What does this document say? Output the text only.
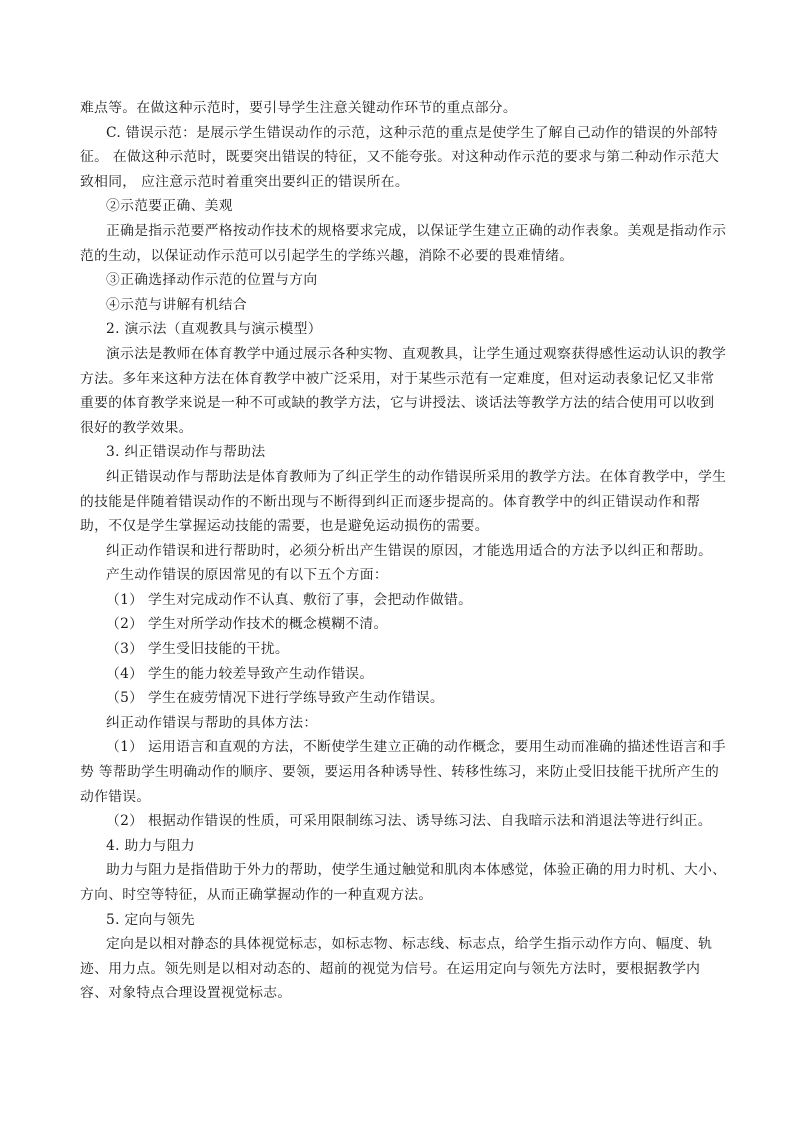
难点等。在做这种示范时，要引导学生注意关键动作环节的重点部分。

C. 错误示范：是展示学生错误动作的示范，这种示范的重点是使学生了解自己动作的错误的外部特征。 在做这种示范时，既要突出错误的特征，又不能夸张。对这种动作示范的要求与第二种动作示范大致相同， 应注意示范时着重突出要纠正的错误所在。

②示范要正确、美观

正确是指示范要严格按动作技术的规格要求完成，以保证学生建立正确的动作表象。美观是指动作示范的生动，以保证动作示范可以引起学生的学练兴趣，消除不必要的畏难情绪。

③正确选择动作示范的位置与方向

④示范与讲解有机结合

2. 演示法（直观教具与演示模型）

演示法是教师在体育教学中通过展示各种实物、直观教具，让学生通过观察获得感性运动认识的教学方法。多年来这种方法在体育教学中被广泛采用，对于某些示范有一定难度，但对运动表象记忆又非常重要的体育教学来说是一种不可或缺的教学方法，它与讲授法、谈话法等教学方法的结合使用可以收到很好的教学效果。

3. 纠正错误动作与帮助法

纠正错误动作与帮助法是体育教师为了纠正学生的动作错误所采用的教学方法。在体育教学中，学生的技能是伴随着错误动作的不断出现与不断得到纠正而逐步提高的。体育教学中的纠正错误动作和帮助，不仅是学生掌握运动技能的需要，也是避免运动损伤的需要。

纠正动作错误和进行帮助时，必须分析出产生错误的原因，才能选用适合的方法予以纠正和帮助。

产生动作错误的原因常见的有以下五个方面：

（1） 学生对完成动作不认真、敷衍了事，会把动作做错。

（2） 学生对所学动作技术的概念模糊不清。

（3） 学生受旧技能的干扰。

（4） 学生的能力较差导致产生动作错误。

（5） 学生在疲劳情况下进行学练导致产生动作错误。

纠正动作错误与帮助的具体方法：

（1） 运用语言和直观的方法，不断使学生建立正确的动作概念，要用生动而准确的描述性语言和手势 等帮助学生明确动作的顺序、要领，要运用各种诱导性、转移性练习，来防止受旧技能干扰所产生的动作错误。

（2） 根据动作错误的性质，可采用限制练习法、诱导练习法、自我暗示法和消退法等进行纠正。

4. 助力与阻力

助力与阻力是指借助于外力的帮助，使学生通过触觉和肌肉本体感觉，体验正确的用力时机、大小、方向、时空等特征，从而正确掌握动作的一种直观方法。

5. 定向与领先

定向是以相对静态的具体视觉标志，如标志物、标志线、标志点，给学生指示动作方向、幅度、轨迹、用力点。领先则是以相对动态的、超前的视觉为信号。在运用定向与领先方法时，要根据教学内容、对象特点合理设置视觉标志。
